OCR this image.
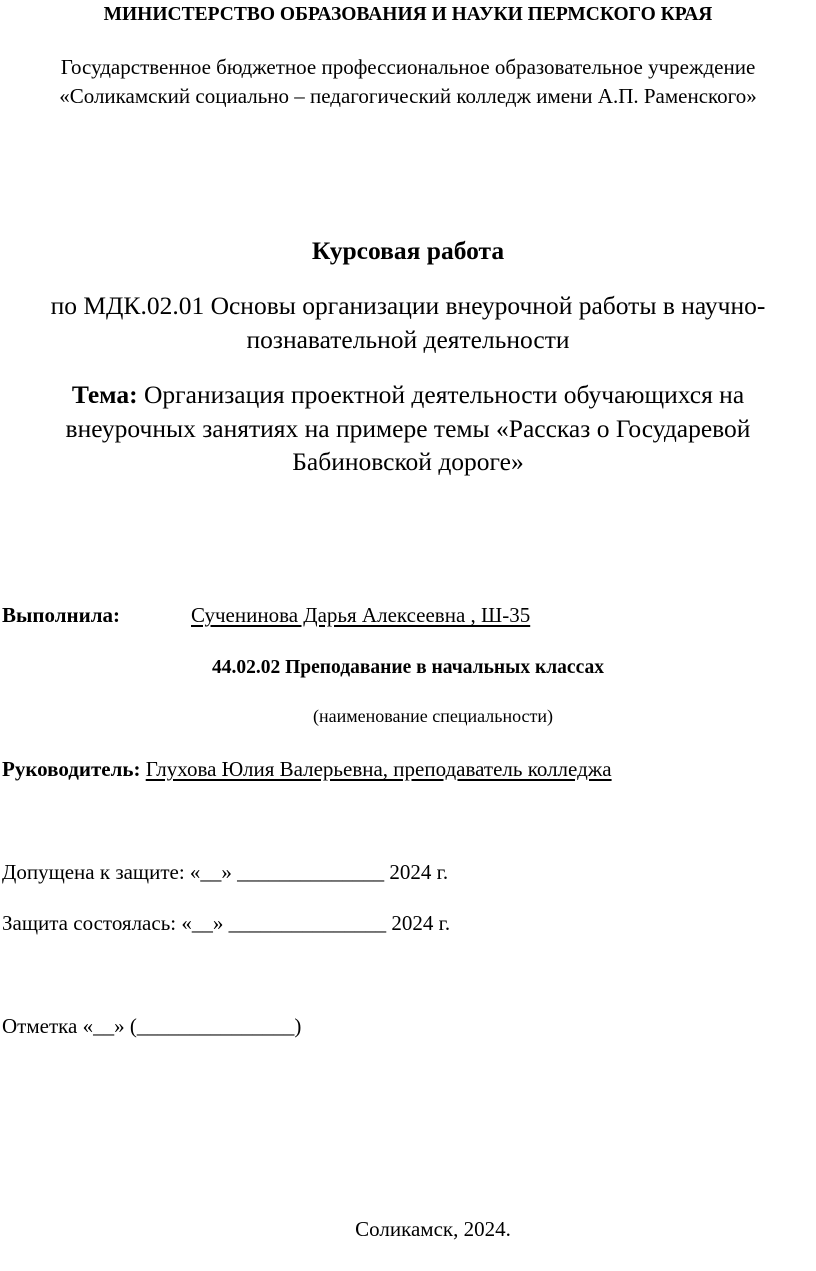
МИНИСТЕРСТВО ОБРАЗОВАНИЯ И НАУКИ ПЕРМСКОГО КРАЯ
Государственное бюджетное профессиональное образовательное учреждение
«Соликамский социально – педагогический колледж имени А.П. Раменского»
Курсовая работа
по МДК.02.01 Основы организации внеурочной работы в научно-
познавательной деятельности
Тема: Организация проектной деятельности обучающихся на
внеурочных занятиях на примере темы «Рассказ о Государевой
Бабиновской дороге»
Выполнила:	Сученинова Дарья Алексеевна , Ш-35
44.02.02 Преподавание в начальных классах
(наименование специальности)
Руководитель: Глухова Юлия Валерьевна, преподаватель колледжа
Допущена к защите: «__» ______________ 2024 г.
Защита состоялась: «__» _______________ 2024 г.
Отметка «__» (_______________)
Соликамск, 2024.
